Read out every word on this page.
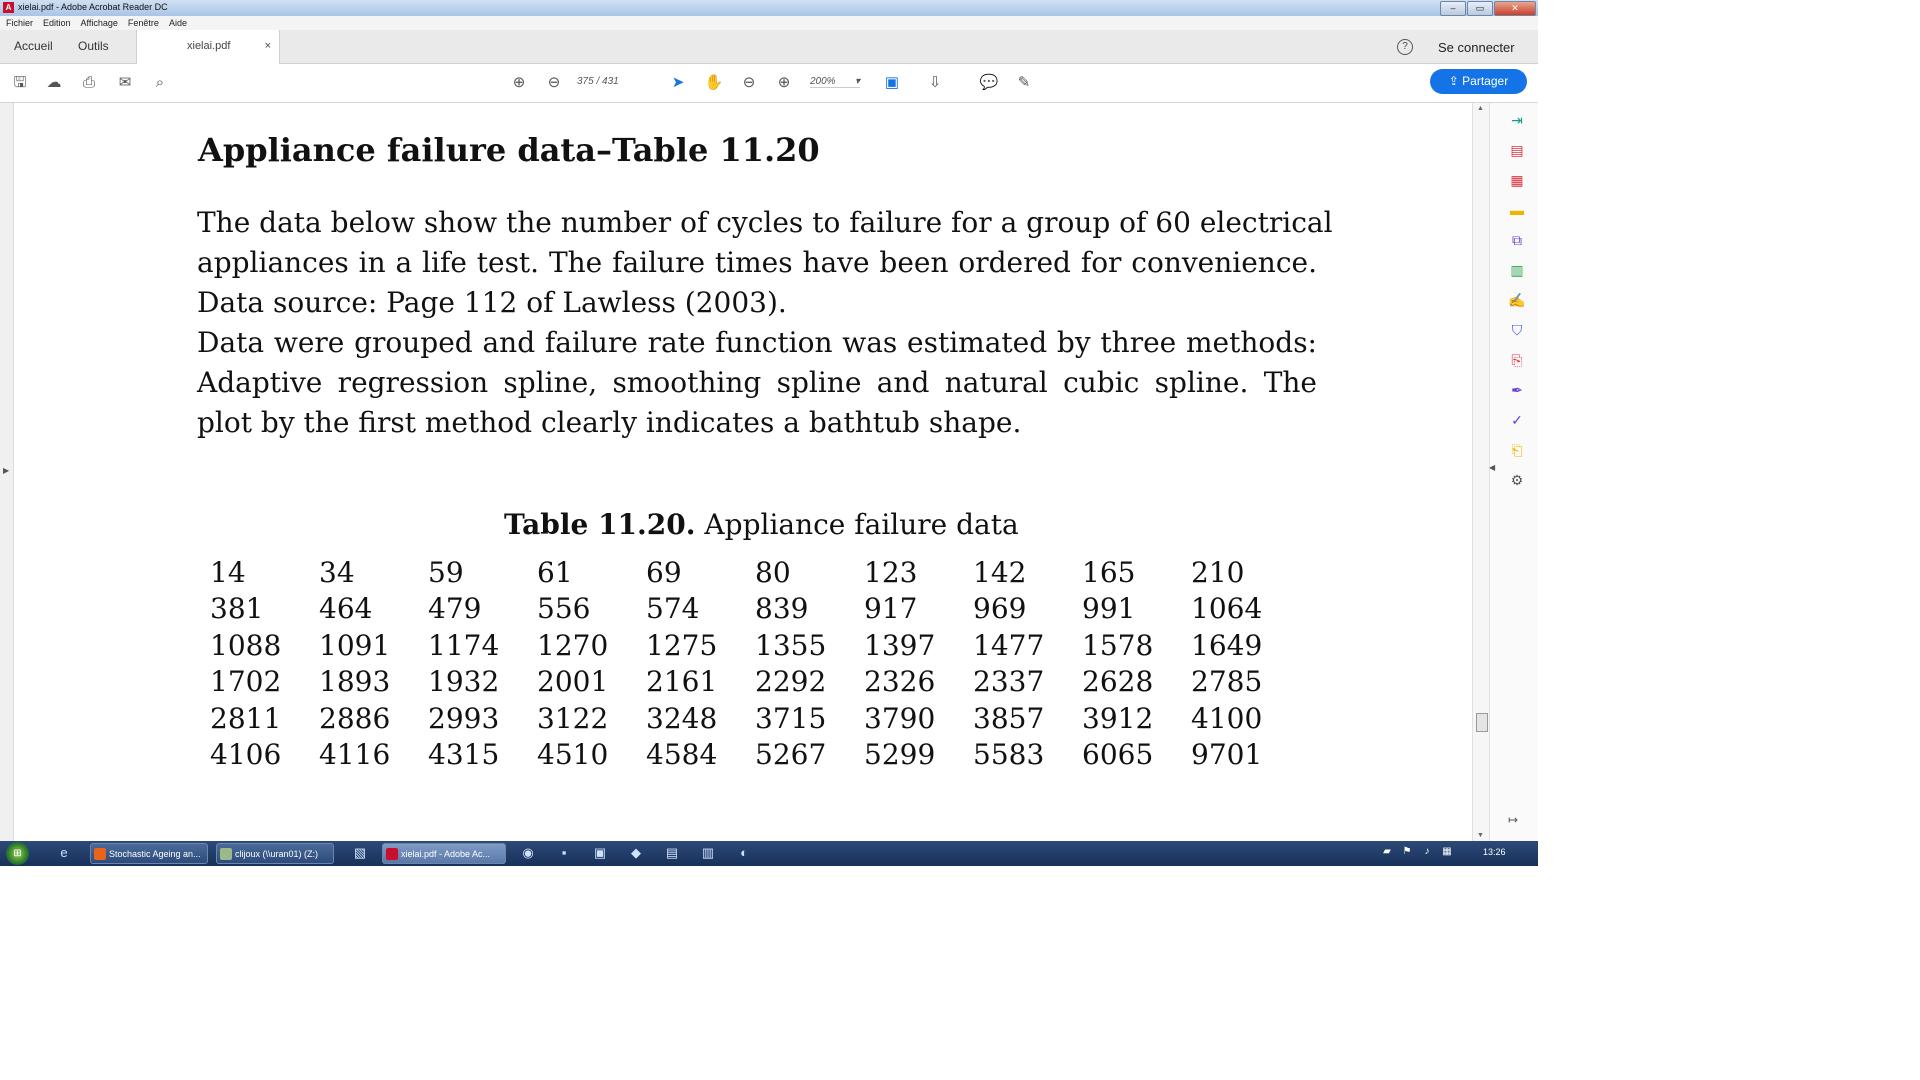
A xielai.pdf - Adobe Acrobat Reader DC	–	▭	✕
Fichier Edition Affichage Fenêtre Aide
Accueil Outils	xielai.pdf	×	?	Se connecter
🖫 ☁ ⎙ ✉	⌕	⊕ ⊖	375 / 431	➤ ✋ ⊖ ⊕	200% ▾ ▣ ⇩	💬 ✎	⇪ Partager
▶
Appliance failure data–Table 11.20
The data below show the number of cycles to failure for a group of 60 electrical
appliances in a life test. The failure times have been ordered for convenience.
Data source: Page 112 of Lawless (2003).
Data were grouped and failure rate function was estimated by three methods:
Adaptive regression spline, smoothing spline and natural cubic spline. The
plot by the first method clearly indicates a bathtub shape.
Table 11.20. Appliance failure data
14	34	59	61	69	80	123	142	165	210
381	464	479	556	574	839	917	969	991	1064
1088	1091	1174	1270	1275	1355	1397	1477	1578	1649
1702	1893	1932	2001	2161	2292	2326	2337	2628	2785
2811	2886	2993	3122	3248	3715	3790	3857	3912	4100
4106	4116	4315	4510	4584	5267	5299	5583	6065	9701
▲
▼
◀
⇥
▤
▦
▬
⧉
▥
✍
⛉
⎘
✒
✓
⎗
⚙
↦
⊞	e	Stochastic Ageing an...	clijoux (\\uran01) (Z:)	▧	xielai.pdf - Adobe Ac...	◉	▪	▣ ◆ ▤ ▥	◐	▰	⚑	♪	▦	13:26
